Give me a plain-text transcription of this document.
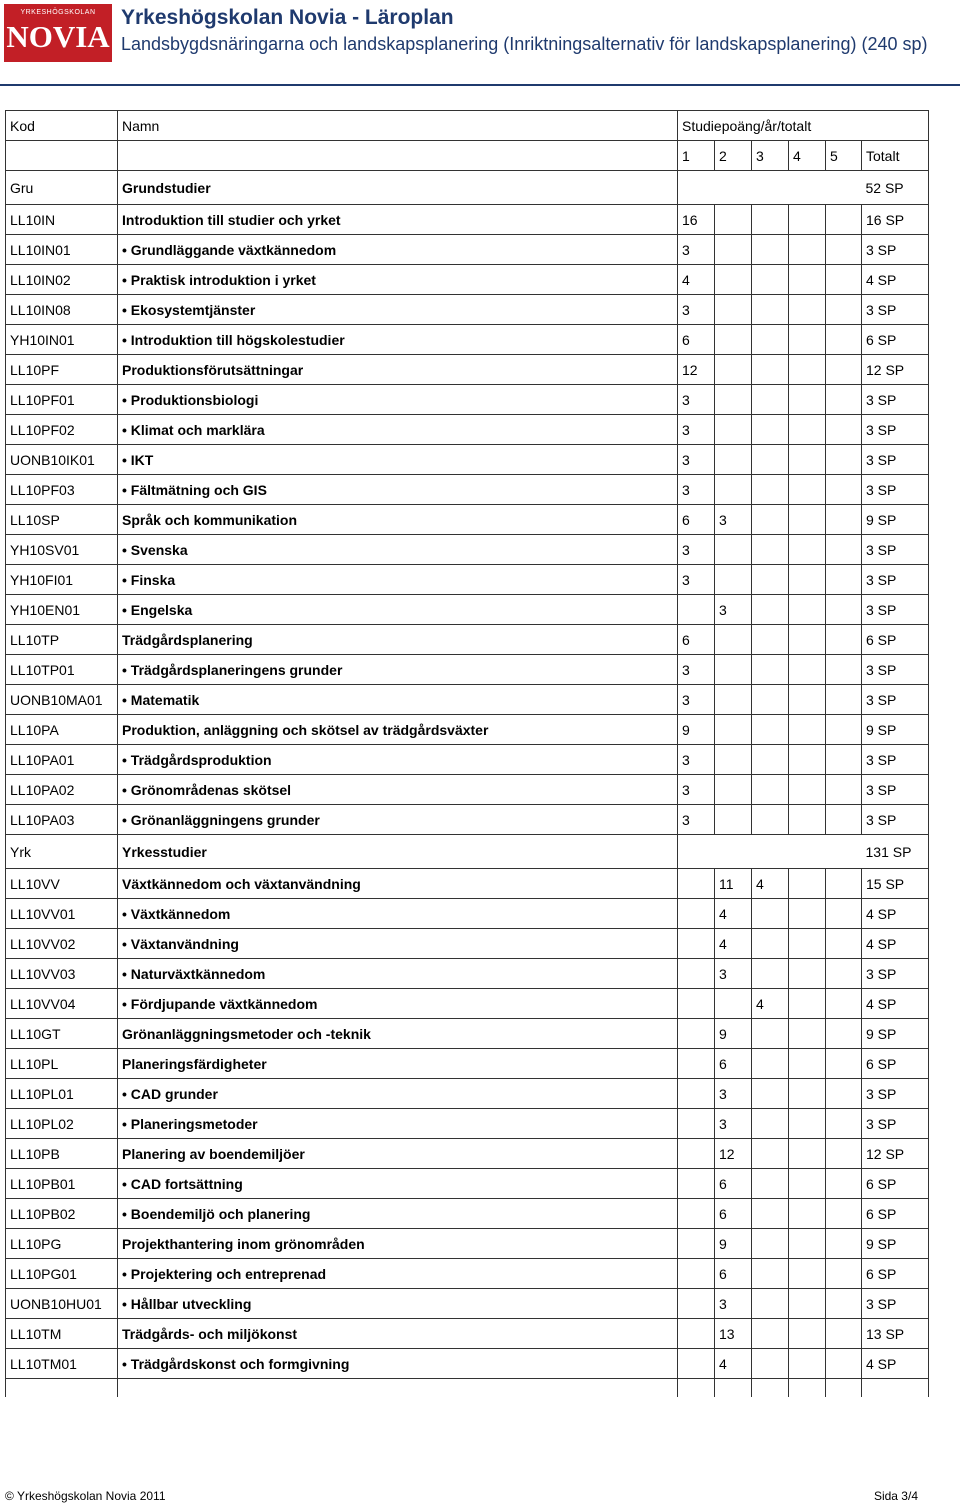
YRKESHÖGSKOLAN
NOVIA
Yrkeshögskolan Novia - Läroplan
Landsbygdsnäringarna och landskapsplanering (Inriktningsalternativ för landskapsplanering) (240 sp)
Kod	Namn	Studiepoäng/år/totalt					
		1	2	3	4	5	Totalt
Gru	Grundstudier						52 SP
LL10IN	Introduktion till studier och yrket	16					16 SP
LL10IN01	• Grundläggande växtkännedom	3					3 SP
LL10IN02	• Praktisk introduktion i yrket	4					4 SP
LL10IN08	• Ekosystemtjänster	3					3 SP
YH10IN01	• Introduktion till högskolestudier	6					6 SP
LL10PF	Produktionsförutsättningar	12					12 SP
LL10PF01	• Produktionsbiologi	3					3 SP
LL10PF02	• Klimat och marklära	3					3 SP
UONB10IK01	• IKT	3					3 SP
LL10PF03	• Fältmätning och GIS	3					3 SP
LL10SP	Språk och kommunikation	6	3				9 SP
YH10SV01	• Svenska	3					3 SP
YH10FI01	• Finska	3					3 SP
YH10EN01	• Engelska		3				3 SP
LL10TP	Trädgårdsplanering	6					6 SP
LL10TP01	• Trädgårdsplaneringens grunder	3					3 SP
UONB10MA01	• Matematik	3					3 SP
LL10PA	Produktion, anläggning och skötsel av trädgårdsväxter	9					9 SP
LL10PA01	• Trädgårdsproduktion	3					3 SP
LL10PA02	• Grönområdenas skötsel	3					3 SP
LL10PA03	• Grönanläggningens grunder	3					3 SP
Yrk	Yrkesstudier						131 SP
LL10VV	Växtkännedom och växtanvändning		11	4			15 SP
LL10VV01	• Växtkännedom		4				4 SP
LL10VV02	• Växtanvändning		4				4 SP
LL10VV03	• Naturväxtkännedom		3				3 SP
LL10VV04	• Fördjupande växtkännedom			4			4 SP
LL10GT	Grönanläggningsmetoder och -teknik		9				9 SP
LL10PL	Planeringsfärdigheter		6				6 SP
LL10PL01	• CAD grunder		3				3 SP
LL10PL02	• Planeringsmetoder		3				3 SP
LL10PB	Planering av boendemiljöer		12				12 SP
LL10PB01	• CAD fortsättning		6				6 SP
LL10PB02	• Boendemiljö och planering		6				6 SP
LL10PG	Projekthantering inom grönområden		9				9 SP
LL10PG01	• Projektering och entreprenad		6				6 SP
UONB10HU01	• Hållbar utveckling		3				3 SP
LL10TM	Trädgårds- och miljökonst		13				13 SP
LL10TM01	• Trädgårdskonst och formgivning		4				4 SP

© Yrkeshögskolan Novia 2011	Sida 3/4
